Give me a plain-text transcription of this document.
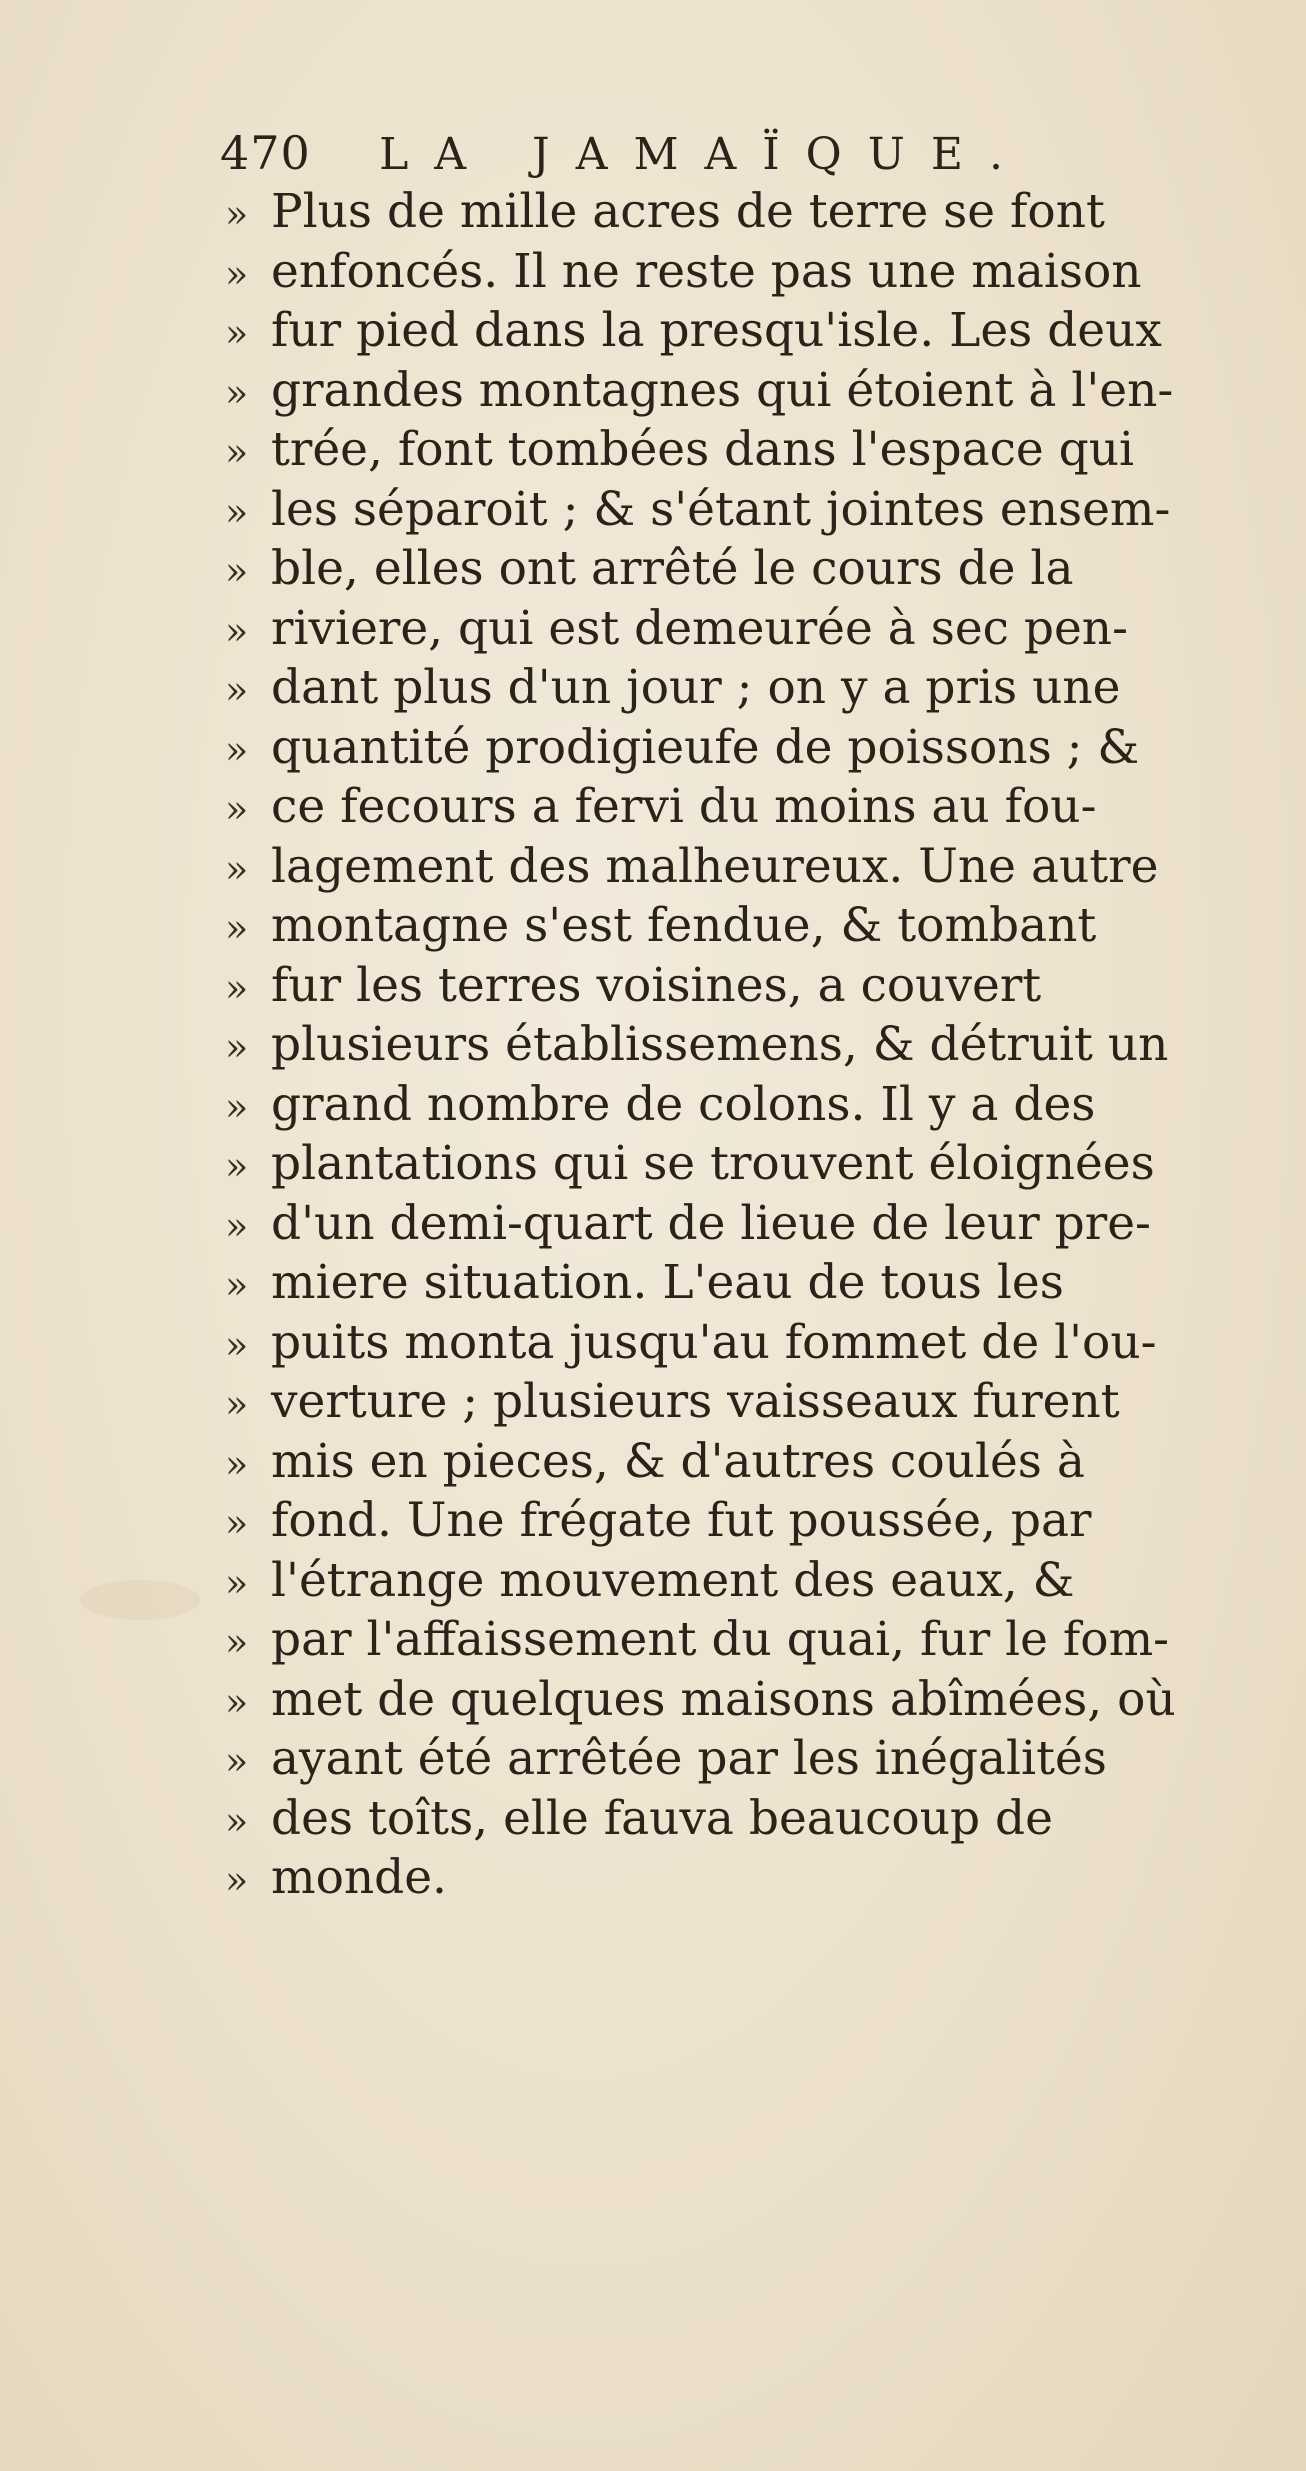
470 LA JAMAÏQUE.
» Plus de mille acres de terre se font
» enfoncés. Il ne reste pas une maison
» fur pied dans la presqu'isle. Les deux
» grandes montagnes qui étoient à l'en-
» trée, font tombées dans l'espace qui
» les séparoit ; & s'étant jointes ensem-
» ble, elles ont arrêté le cours de la
» riviere, qui est demeurée à sec pen-
» dant plus d'un jour ; on y a pris une
» quantité prodigieufe de poissons ; &
» ce fecours a fervi du moins au fou-
» lagement des malheureux. Une autre
» montagne s'est fendue, & tombant
» fur les terres voisines, a couvert
» plusieurs établissemens, & détruit un
» grand nombre de colons. Il y a des
» plantations qui se trouvent éloignées
» d'un demi-quart de lieue de leur pre-
» miere situation. L'eau de tous les
» puits monta jusqu'au fommet de l'ou-
» verture ; plusieurs vaisseaux furent
» mis en pieces, & d'autres coulés à
» fond. Une frégate fut poussée, par
» l'étrange mouvement des eaux, &
» par l'affaissement du quai, fur le fom-
» met de quelques maisons abîmées, où
» ayant été arrêtée par les inégalités
» des toîts, elle fauva beaucoup de
» monde.
